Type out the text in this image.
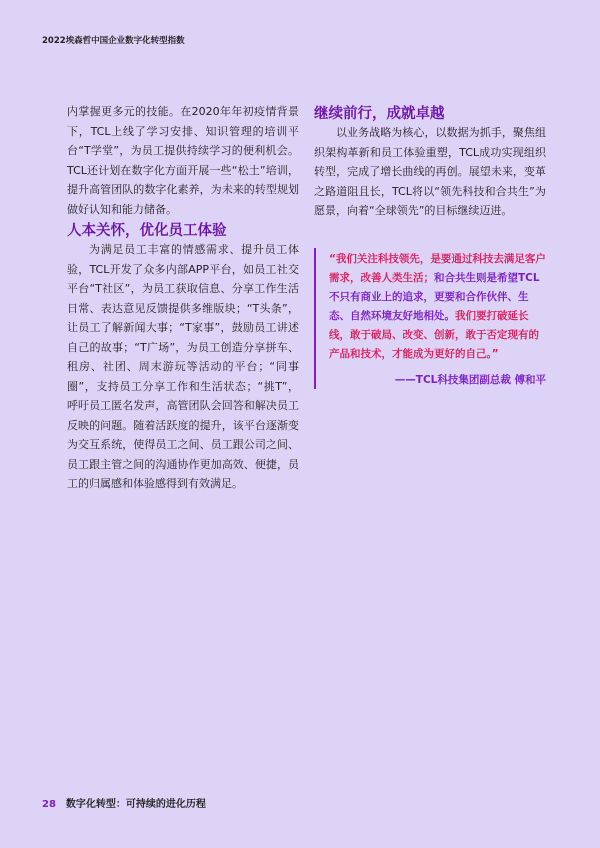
2022埃森哲中国企业数字化转型指数

内掌握更多元的技能。在2020年年初疫情背景下，TCL上线了学习安排、知识管理的培训平台“T学堂”，为员工提供持续学习的便利机会。TCL还计划在数字化方面开展一些“松土”培训，提升高管团队的数字化素养，为未来的转型规划做好认知和能力储备。

人本关怀，优化员工体验

为满足员工丰富的情感需求、提升员工体验，TCL开发了众多内部APP平台，如员工社交平台“T社区”，为员工获取信息、分享工作生活日常、表达意见反馈提供多维版块；“T头条”，让员工了解新闻大事；“T家事”，鼓励员工讲述自己的故事；“T广场”，为员工创造分享拼车、租房、社团、周末游玩等活动的平台；“同事圈”，支持员工分享工作和生活状态；“挑T”，呼吁员工匿名发声，高管团队会回答和解决员工反映的问题。随着活跃度的提升，该平台逐渐变为交互系统，使得员工之间、员工跟公司之间、员工跟主管之间的沟通协作更加高效、便捷，员工的归属感和体验感得到有效满足。

继续前行，成就卓越

以业务战略为核心，以数据为抓手，聚焦组织架构革新和员工体验重塑，TCL成功实现组织转型，完成了增长曲线的再创。展望未来，变革之路道阻且长，TCL将以“领先科技和合共生”为愿景，向着“全球领先”的目标继续迈进。

“我们关注科技领先，是要通过科技去满足客户需求，改善人类生活；和合共生则是希望TCL不只有商业上的追求，更要和合作伙伴、生态、自然环境友好地相处。我们要打破延长线，敢于破局、改变、创新，敢于否定现有的产品和技术，才能成为更好的自己。”

——TCL科技集团副总裁 傅和平
28 数字化转型：可持续的进化历程
